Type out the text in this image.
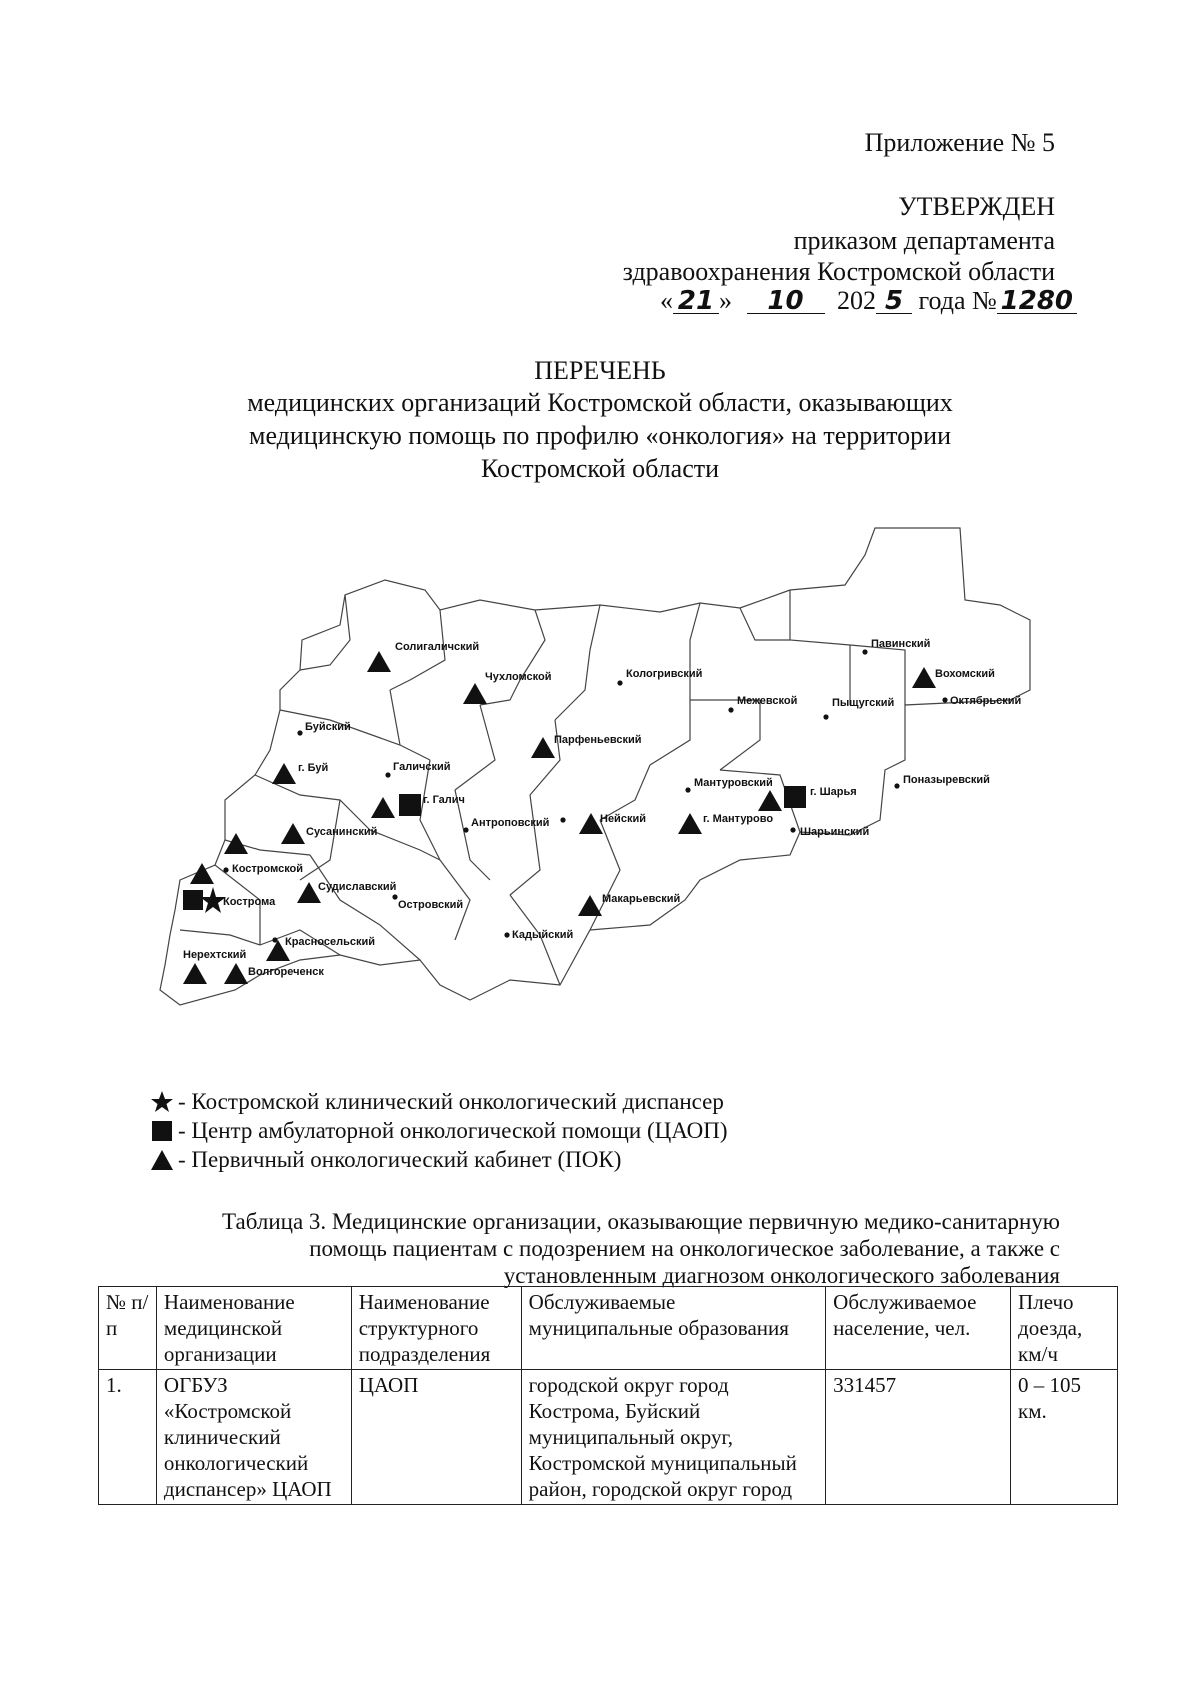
Приложение № 5
УТВЕРЖДЕН
приказом департамента
здравоохранения Костромской области
« 21 » 10 202 5 года № 1280
ПЕРЕЧЕНЬ
медицинских организаций Костромской области, оказывающих
медицинскую помощь по профилю «онкология» на территории
Костромской области
Солигаличский
Чухломской	Кологривский
Павинский
Вохомский
Октябрьский
Межевской	Пыщугский
Буйский
г. Буй
Парфеньевский
Галичский
г. Галич
Мантуровский
г. Шарья
Поназыревский
Антроповский	Нейский	г. Мантурово
Шарьинский
Сусанинский
Костромской
Судиславский
Кострома	Островский	Макарьевский
Кадыйский
Красносельский
Нерехтский
Волгореченск
- Костромской клинический онкологический диспансер
- Центр амбулаторной онкологической помощи (ЦАОП)
- Первичный онкологический кабинет (ПОК)
Таблица 3. Медицинские организации, оказывающие первичную медико-санитарную
помощь пациентам с подозрением на онкологическое заболевание, а также с
установленным диагнозом онкологического заболевания
№ п/п	Наименование медицинской организации	Наименование структурного подразделения	Обслуживаемые муниципальные образования	Обслуживаемое население, чел.	Плечо доезда, км/ч
1.	ОГБУЗ «Костромской клинический онкологический диспансер» ЦАОП	ЦАОП	городской округ город Кострома, Буйский муниципальный округ, Костромской муниципальный район, городской округ город	331457	0 – 105 км.
